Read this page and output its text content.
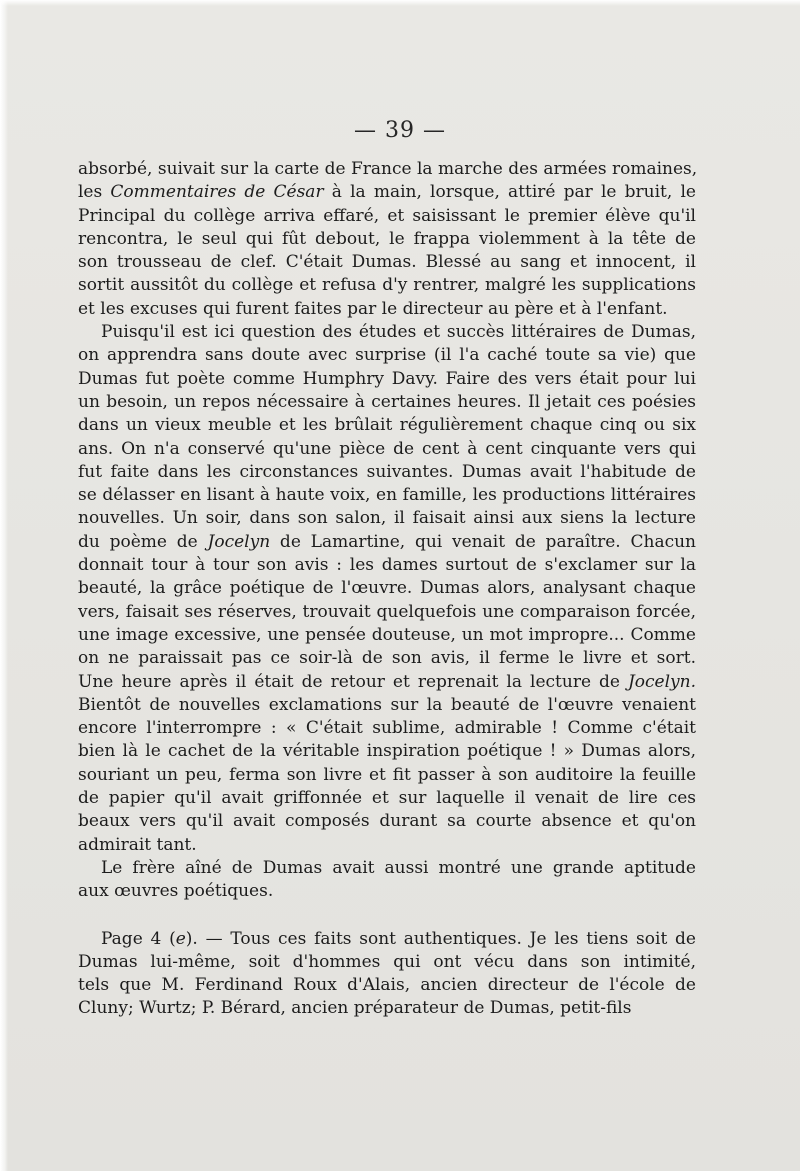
— 39 —

absorbé, suivait sur la carte de France la marche des armées romaines,
les Commentaires de César à la main, lorsque, attiré par le bruit, le
Principal du collège arriva effaré, et saisissant le premier élève qu'il
rencontra, le seul qui fût debout, le frappa violemment à la tête de
son trousseau de clef. C'était Dumas. Blessé au sang et innocent, il
sortit aussitôt du collège et refusa d'y rentrer, malgré les supplications
et les excuses qui furent faites par le directeur au père et à l'enfant.

Puisqu'il est ici question des études et succès littéraires de Dumas,
on apprendra sans doute avec surprise (il l'a caché toute sa vie) que
Dumas fut poète comme Humphry Davy. Faire des vers était pour lui
un besoin, un repos nécessaire à certaines heures. Il jetait ces poésies
dans un vieux meuble et les brûlait régulièrement chaque cinq ou six
ans. On n'a conservé qu'une pièce de cent à cent cinquante vers qui
fut faite dans les circonstances suivantes. Dumas avait l'habitude de
se délasser en lisant à haute voix, en famille, les productions littéraires
nouvelles. Un soir, dans son salon, il faisait ainsi aux siens la lecture
du poème de Jocelyn de Lamartine, qui venait de paraître. Chacun
donnait tour à tour son avis : les dames surtout de s'exclamer sur la
beauté, la grâce poétique de l'œuvre. Dumas alors, analysant chaque
vers, faisait ses réserves, trouvait quelquefois une comparaison forcée,
une image excessive, une pensée douteuse, un mot impropre... Comme
on ne paraissait pas ce soir-là de son avis, il ferme le livre et sort.
Une heure après il était de retour et reprenait la lecture de Jocelyn.
Bientôt de nouvelles exclamations sur la beauté de l'œuvre venaient
encore l'interrompre : « C'était sublime, admirable ! Comme c'était
bien là le cachet de la véritable inspiration poétique ! » Dumas alors,
souriant un peu, ferma son livre et fit passer à son auditoire la feuille
de papier qu'il avait griffonnée et sur laquelle il venait de lire ces
beaux vers qu'il avait composés durant sa courte absence et qu'on
admirait tant.

Le frère aîné de Dumas avait aussi montré une grande aptitude
aux œuvres poétiques.

Page 4 (e). — Tous ces faits sont authentiques. Je les tiens soit de
Dumas lui-même, soit d'hommes qui ont vécu dans son intimité,
tels que M. Ferdinand Roux d'Alais, ancien directeur de l'école de
Cluny; Wurtz; P. Bérard, ancien préparateur de Dumas, petit-fils
